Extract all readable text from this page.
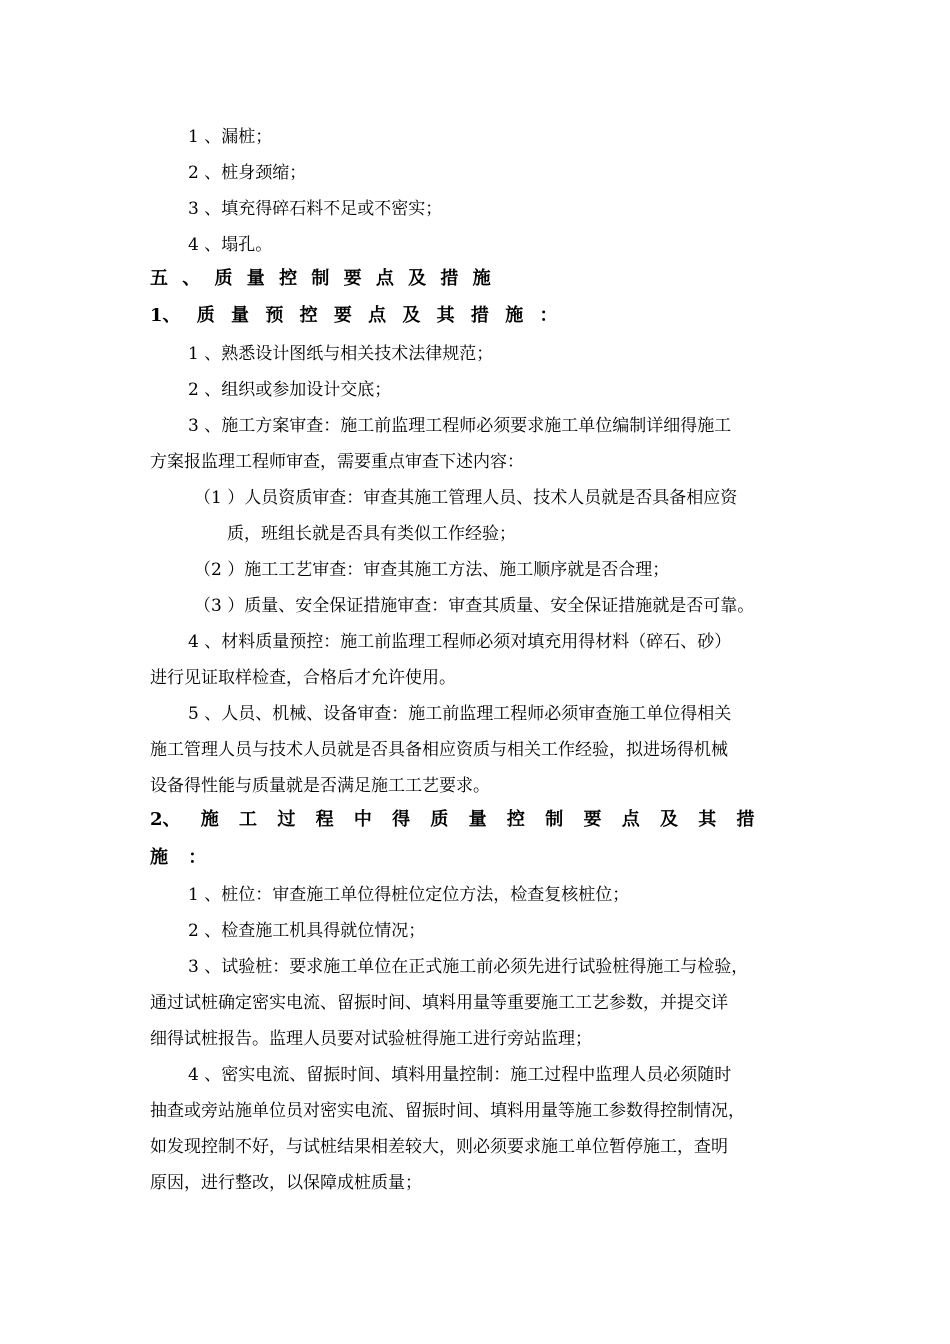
1 、漏桩；
2 、桩身颈缩；
3 、填充得碎石料不足或不密实；
4 、塌孔。
五 、 质 量 控 制 要 点 及 措 施
1、 质 量 预 控 要 点 及 其 措 施 ：
1 、熟悉设计图纸与相关技术法律规范；
2 、组织或参加设计交底；
3 、施工方案审查：施工前监理工程师必须要求施工单位编制详细得施工
方案报监理工程师审查，需要重点审查下述内容：
（1 ）人员资质审查：审查其施工管理人员、技术人员就是否具备相应资
质，班组长就是否具有类似工作经验；
（2 ）施工工艺审查：审查其施工方法、施工顺序就是否合理；
（3 ）质量、安全保证措施审查：审查其质量、安全保证措施就是否可靠。
4 、材料质量预控：施工前监理工程师必须对填充用得材料（碎石、砂）
进行见证取样检查，合格后才允许使用。
5 、人员、机械、设备审查：施工前监理工程师必须审查施工单位得相关
施工管理人员与技术人员就是否具备相应资质与相关工作经验，拟进场得机械
设备得性能与质量就是否满足施工工艺要求。
2、 施 工 过 程 中 得 质 量 控 制 要 点 及 其 措
施 ：
1 、桩位：审查施工单位得桩位定位方法，检查复核桩位；
2 、检查施工机具得就位情况；
3 、试验桩：要求施工单位在正式施工前必须先进行试验桩得施工与检验，
通过试桩确定密实电流、留振时间、填料用量等重要施工工艺参数，并提交详
细得试桩报告。监理人员要对试验桩得施工进行旁站监理；
4 、密实电流、留振时间、填料用量控制：施工过程中监理人员必须随时
抽查或旁站施单位员对密实电流、留振时间、填料用量等施工参数得控制情况，
如发现控制不好，与试桩结果相差较大，则必须要求施工单位暂停施工，查明
原因，进行整改，以保障成桩质量；
